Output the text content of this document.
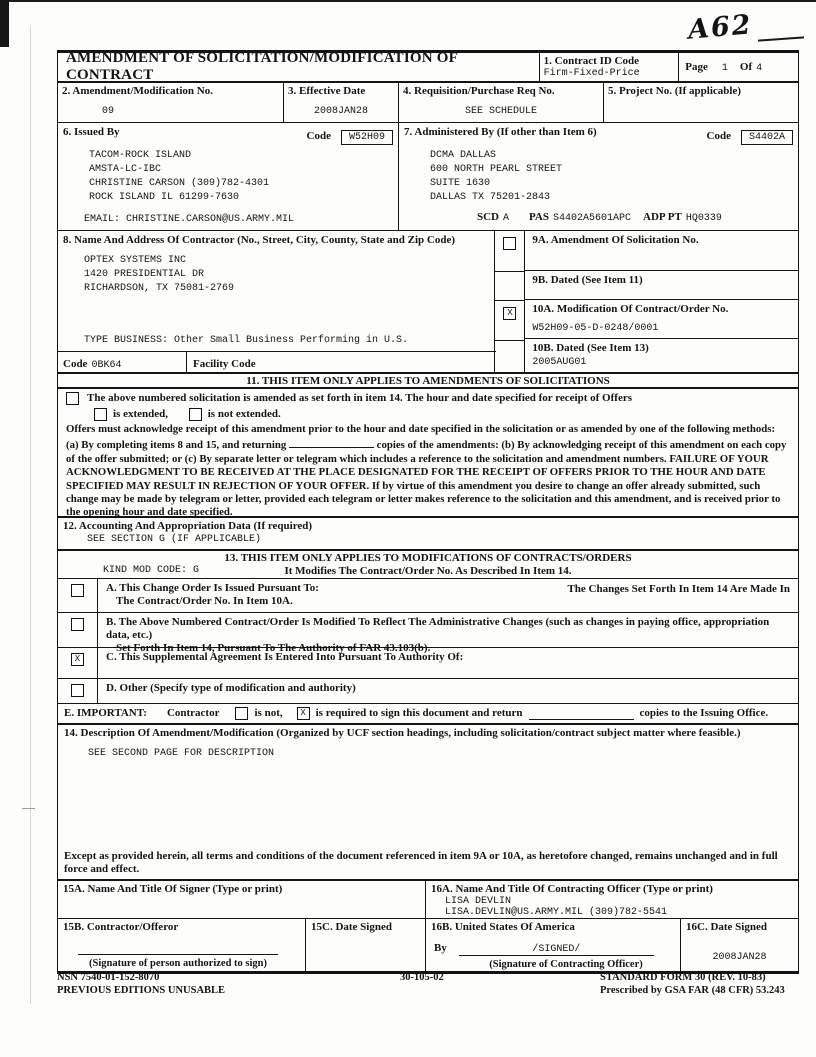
A62
AMENDMENT OF SOLICITATION/MODIFICATION OF CONTRACT
1. Contract ID Code
Firm-Fixed-Price
Page 1 Of 4
2. Amendment/Modification No.
09
3. Effective Date
2008JAN28
4. Requisition/Purchase Req No.
SEE SCHEDULE
5. Project No. (If applicable)
6. Issued By	Code W52H09
TACOM-ROCK ISLAND
AMSTA-LC-IBC
CHRISTINE CARSON (309)782-4301
ROCK ISLAND IL 61299-7630
EMAIL: CHRISTINE.CARSON@US.ARMY.MIL
7. Administered By (If other than Item 6)	Code S4402A
DCMA DALLAS
600 NORTH PEARL STREET
SUITE 1630
DALLAS TX 75201-2843
SCD A PAS S4402A5601APC ADP PT HQ0339
8. Name And Address Of Contractor (No., Street, City, County, State and Zip Code)
OPTEX SYSTEMS INC
1420 PRESIDENTIAL DR
RICHARDSON, TX 75081-2769
TYPE BUSINESS: Other Small Business Performing in U.S.
Code 0BK64	Facility Code
X
9A. Amendment Of Solicitation No.
9B. Dated (See Item 11)
10A. Modification Of Contract/Order No.
W52H09-05-D-0248/0001
10B. Dated (See Item 13)
2005AUG01
11. THIS ITEM ONLY APPLIES TO AMENDMENTS OF SOLICITATIONS
The above numbered solicitation is amended as set forth in item 14. The hour and date specified for receipt of Offers
is extended,	is not extended.
Offers must acknowledge receipt of this amendment prior to the hour and date specified in the solicitation or as amended by one of the following methods: (a) By completing items 8 and 15, and returning	copies of the amendments: (b) By acknowledging receipt of this amendment on each copy of the offer submitted; or (c) By separate letter or telegram which includes a reference to the solicitation and amendment numbers. FAILURE OF YOUR ACKNOWLEDGMENT TO BE RECEIVED AT THE PLACE DESIGNATED FOR THE RECEIPT OF OFFERS PRIOR TO THE HOUR AND DATE SPECIFIED MAY RESULT IN REJECTION OF YOUR OFFER. If by virtue of this amendment you desire to change an offer already submitted, such change may be made by telegram or letter, provided each telegram or letter makes reference to the solicitation and this amendment, and is received prior to the opening hour and date specified.
12. Accounting And Appropriation Data (If required)
SEE SECTION G (IF APPLICABLE)
KIND MOD CODE: G
13. THIS ITEM ONLY APPLIES TO MODIFICATIONS OF CONTRACTS/ORDERS
It Modifies The Contract/Order No. As Described In Item 14.
A. This Change Order Is Issued Pursuant To:
The Contract/Order No. In Item 10A.
The Changes Set Forth In Item 14 Are Made In
B. The Above Numbered Contract/Order Is Modified To Reflect The Administrative Changes (such as changes in paying office, appropriation data, etc.)
Set Forth In Item 14, Pursuant To The Authority of FAR 43.103(b).
X	C. This Supplemental Agreement Is Entered Into Pursuant To Authority Of:
D. Other (Specify type of modification and authority)
E. IMPORTANT: Contractor	is not,	X is required to sign this document and return	copies to the Issuing Office.
14. Description Of Amendment/Modification (Organized by UCF section headings, including solicitation/contract subject matter where feasible.)
SEE SECOND PAGE FOR DESCRIPTION
Except as provided herein, all terms and conditions of the document referenced in item 9A or 10A, as heretofore changed, remains unchanged and in full force and effect.
15A. Name And Title Of Signer (Type or print)	16A. Name And Title Of Contracting Officer (Type or print)
LISA DEVLIN
LISA.DEVLIN@US.ARMY.MIL (309)782-5541
15B. Contractor/Offeror
(Signature of person authorized to sign)
15C. Date Signed	16B. United States Of America
By	/SIGNED/
(Signature of Contracting Officer)
16C. Date Signed
2008JAN28
NSN 7540-01-152-8070
PREVIOUS EDITIONS UNUSABLE
30-105-02	STANDARD FORM 30 (REV. 10-83)
Prescribed by GSA FAR (48 CFR) 53.243
